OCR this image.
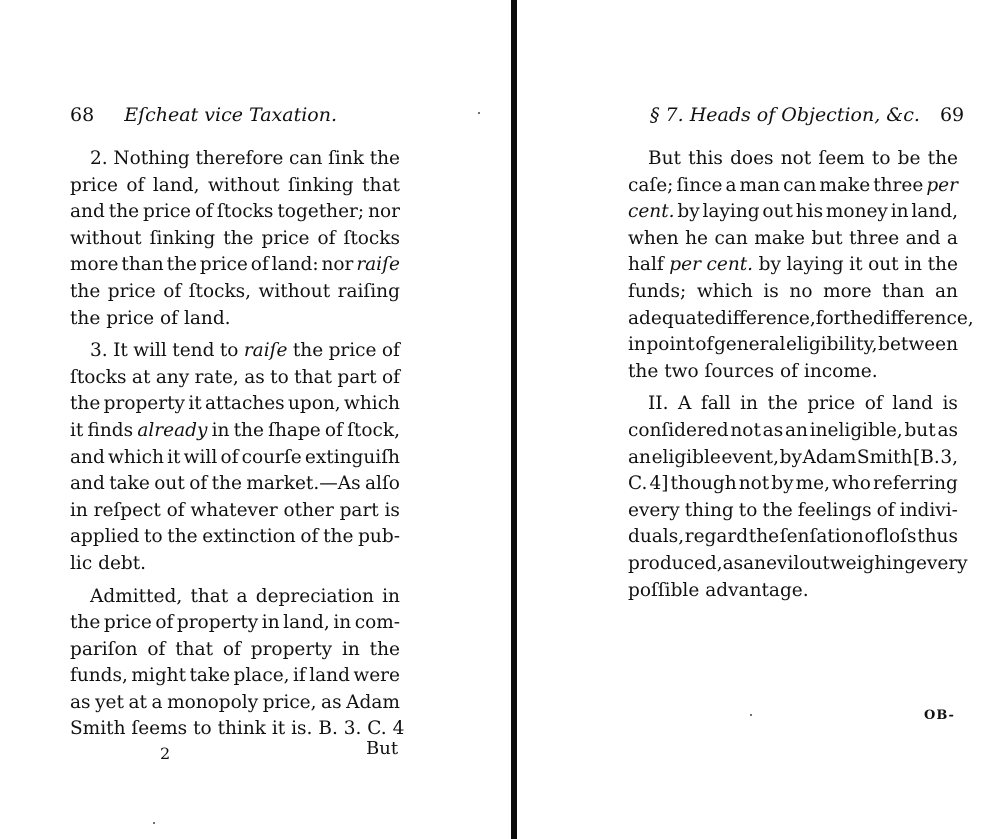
68 Eſcheat vice Taxation.
2. Nothing therefore can ſink the
price of land, without ſinking that
and the price of ſtocks together; nor
without ſinking the price of ſtocks
more than the price of land: nor raiſe
the price of ſtocks, without raiſing
the price of land.
3. It will tend to raiſe the price of
ſtocks at any rate, as to that part of
the property it attaches upon, which
it finds already in the ſhape of ſtock,
and which it will of courſe extinguiſh
and take out of the market.—As alſo
in reſpect of whatever other part is
applied to the extinction of the pub-
lic debt.
Admitted, that a depreciation in
the price of property in land, in com-
pariſon of that of property in the
funds, might take place, if land were
as yet at a monopoly price, as Adam
Smith ſeems to think it is. B. 3. C. 4
2	But
§ 7. Heads of Objection, &c. 69
But this does not ſeem to be the
caſe; ſince a man can make three per
cent. by laying out his money in land,
when he can make but three and a
half per cent. by laying it out in the
funds; which is no more than an
adequate difference, for the difference,
in point of general eligibility, between
the two ſources of income.
II. A fall in the price of land is
conſidered not as an ineligible, but as
an eligible event, by Adam Smith [B. 3,
C. 4] though not by me, who referring
every thing to the feelings of indivi-
duals, regard the ſenſation of loſs thus
produced, as an evil outweighing every
poſſible advantage.
OB-
